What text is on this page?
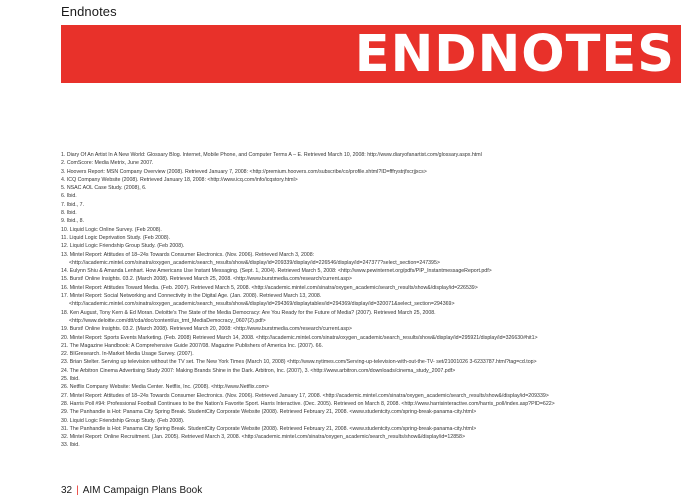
Endnotes
ENDNOTES
1. Diary Of An Artist In A New World: Glossary Blog. Internet, Mobile Phone, and Computer Terms A – E. Retrieved March 10, 2008: http://www.diaryofanartist.com/glossary.aspx.html
2. ComScore: Media Metrix, June 2007.
3. Hoovers Report: MSN Company Overview (2008). Retrieved January 7, 2008: <http://premium.hoovers.com/subscribe/co/profile.xhtml?ID=fffrystrjfxcrjjxcs>
4. ICQ Company Website (2008). Retrieved January 18, 2008: <http://www.icq.com/info/icqstory.html>
5. NSAC AOL Case Study. (2008), 6.
6. Ibid.
7. Ibid., 7.
8. Ibid.
9. Ibid., 8.
10. Liquid Logic Online Survey. (Feb 2008).
11. Liquid Logic Deprivation Study. (Feb 2008).
12. Liquid Logic Friendship Group Study. (Feb 2008).
13. Mintel Report: Attitudes of 18–24s Towards Consumer Electronics. (Nov. 2006). Retrieved March 3, 2008:
<http://academic.mintel.com/sinatra/oxygen_academic/search_results/show&/display/id=209339/display/id=226546/display/id=247377?select_section=247395>
14. Eulynn Shiu & Amanda Lenhart. How Americans Use Instant Messaging. (Sept. 1, 2004). Retrieved March 5, 2008: <http://www.pewinternet.org/pdfs/PIP_InstantmessageReport.pdf>
15. Burst! Online Insights. 03.2. (March 2008). Retrieved March 25, 2008. <http://www.burstmedia.com/research/current.asp>
16. Mintel Report: Attitudes Toward Media. (Feb. 2007). Retrieved March 5, 2008. <http://academic.mintel.com/sinatra/oxygen_academic/search_results/show&/display/id=226539>
17. Mintel Report: Social Networking and Connectivity in the Digital Age. (Jan. 2008). Retrieved March 13, 2008.
<http://academic.mintel.com/sinatra/oxygen_academic/search_results/show&/display/id=294369/displaytables/id=294369/display/id=320071&select_section=294369>
18. Ken August, Tony Kern & Ed Moran. Deloitte's The State of the Media Democracy: Are You Ready for the Future of Media? (2007). Retrieved March 25, 2008.
<http://www.deloitte.com/dtt/cda/doc/content/us_tmt_MediaDemocracy_0607(2).pdf>
19. Burst! Online Insights. 03.2. (March 2008). Retrieved March 20, 2008: <http://www.burstmedia.com/research/current.asp>
20. Mintel Report: Sports Events Marketing. (Feb. 2008) Retrieved March 14, 2008. <http://academic.mintel.com/sinatra/oxygen_academic/search_results/show&/display/id=295921/display/id=326630#hit1>
21. The Magazine Handbook: A Comprehensive Guide 2007/08. Magazine Publishers of America Inc. (2007). 66.
22. BIGresearch. In-Market Media Usage Survey. (2007).
23. Brian Stelter. Serving up television without the TV set. The New York Times (March 10, 2008) <http://www.nytimes.com/Serving-up-television-with-out-the-TV- set/21001026 3-6233787.html?tag=cd.top>
24. The Arbitron Cinema Advertising Study 2007: Making Brands Shine in the Dark. Arbitron, Inc. (2007), 3. <http://www.arbitron.com/downloads/cinema_study_2007.pdf>
25. Ibid.
26. Netflix Company Website: Media Center. Netflix, Inc. (2008). <http://www.Netflix.com>
27. Mintel Report: Attitudes of 18–24s Towards Consumer Electronics. (Nov. 2006). Retrieved January 17, 2008. <http://academic.mintel.com/sinatra/oxygen_academic/search_results/show&/display/id=209339>
28. Harris Poll #94: Professional Football Continues to be the Nation's Favorite Sport. Harris Interactive. (Dec. 2005). Retrieved on March 8, 2008. <http://www.harrisinteractive.com/harris_poll/index.asp?PID=622>
29. The Panhandle is Hot: Panama City Spring Break. StudentCity Corporate Website (2008). Retrieved February 21, 2008. <www.studentcity.com/spring-break-panama-city.html>
30. Liquid Logic Friendship Group Study. (Feb 2008).
31. The Panhandle is Hot: Panama City Spring Break. StudentCity Corporate Website (2008). Retrieved February 21, 2008. <www.studentcity.com/spring-break-panama-city.html>
32. Mintel Report: Online Recruitment. (Jan. 2005). Retrieved March 3, 2008. <http://academic.mintel.com/sinatra/oxygen_academic/search_results/show&/display/id=12858>
33. Ibid.
32 | AIM Campaign Plans Book
